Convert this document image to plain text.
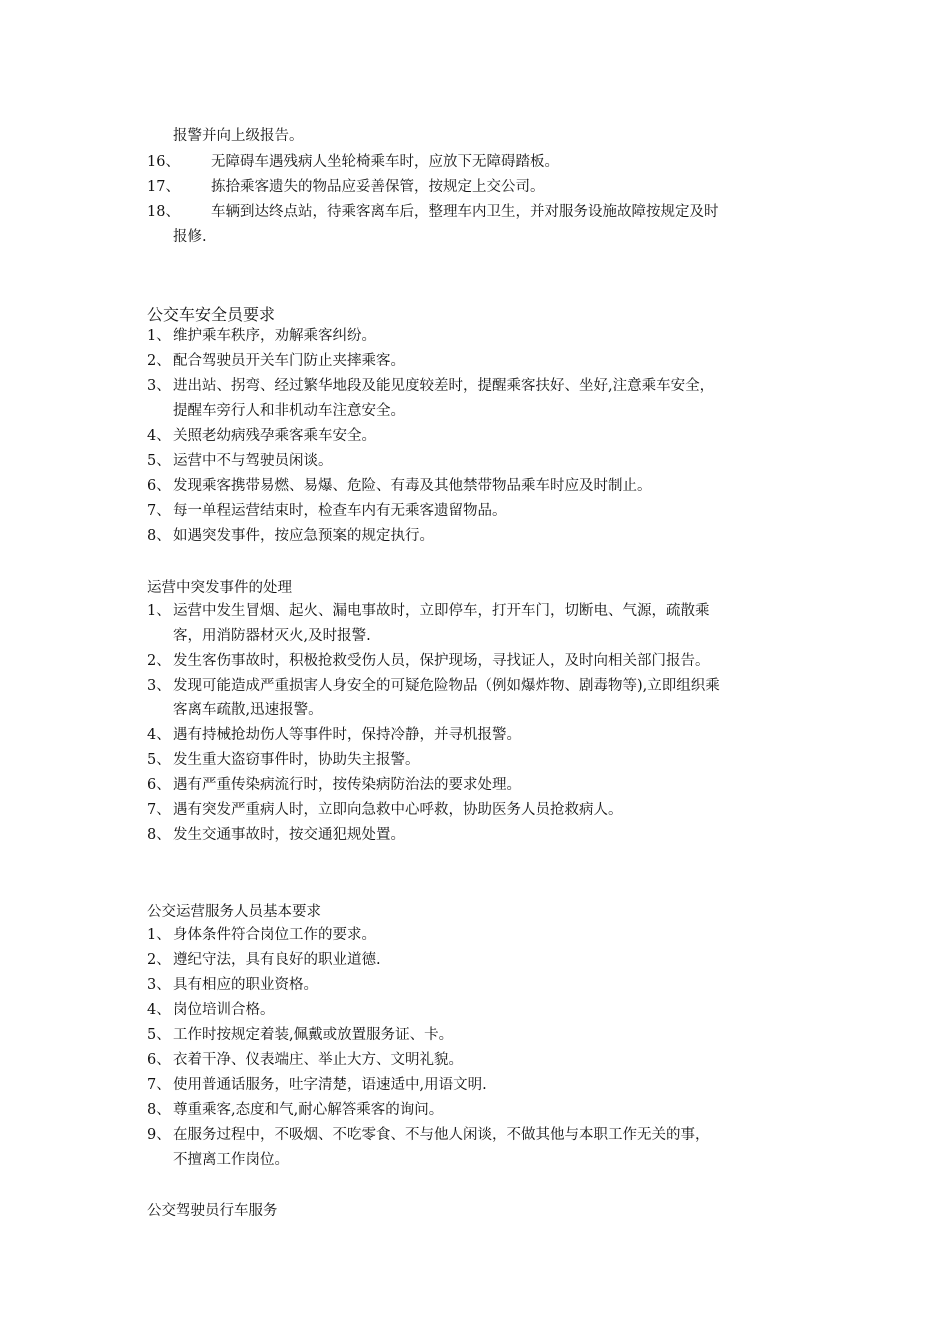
报警并向上级报告。
16、 无障碍车遇残病人坐轮椅乘车时，应放下无障碍踏板。
17、 拣拾乘客遗失的物品应妥善保管，按规定上交公司。
18、 车辆到达终点站，待乘客离车后，整理车内卫生，并对服务设施故障按规定及时
报修.
公交车安全员要求
1、 维护乘车秩序，劝解乘客纠纷。
2、 配合驾驶员开关车门防止夹摔乘客。
3、 进出站、拐弯、经过繁华地段及能见度较差时，提醒乘客扶好、坐好,注意乘车安全，
提醒车旁行人和非机动车注意安全。
4、 关照老幼病残孕乘客乘车安全。
5、 运营中不与驾驶员闲谈。
6、 发现乘客携带易燃、易爆、危险、有毒及其他禁带物品乘车时应及时制止。
7、 每一单程运营结束时，检查车内有无乘客遗留物品。
8、 如遇突发事件，按应急预案的规定执行。
运营中突发事件的处理
1、 运营中发生冒烟、起火、漏电事故时，立即停车，打开车门，切断电、气源，疏散乘
客，用消防器材灭火,及时报警.
2、 发生客伤事故时，积极抢救受伤人员，保护现场，寻找证人，及时向相关部门报告。
3、 发现可能造成严重损害人身安全的可疑危险物品（例如爆炸物、剧毒物等),立即组织乘
客离车疏散,迅速报警。
4、 遇有持械抢劫伤人等事件时，保持冷静，并寻机报警。
5、 发生重大盗窃事件时，协助失主报警。
6、 遇有严重传染病流行时，按传染病防治法的要求处理。
7、 遇有突发严重病人时，立即向急救中心呼救，协助医务人员抢救病人。
8、 发生交通事故时，按交通犯规处置。
公交运营服务人员基本要求
1、 身体条件符合岗位工作的要求。
2、 遵纪守法，具有良好的职业道德.
3、 具有相应的职业资格。
4、 岗位培训合格。
5、 工作时按规定着装,佩戴或放置服务证、卡。
6、 衣着干净、仪表端庄、举止大方、文明礼貌。
7、 使用普通话服务，吐字清楚，语速适中,用语文明.
8、 尊重乘客,态度和气,耐心解答乘客的询问。
9、 在服务过程中，不吸烟、不吃零食、不与他人闲谈，不做其他与本职工作无关的事，
不擅离工作岗位。
公交驾驶员行车服务
